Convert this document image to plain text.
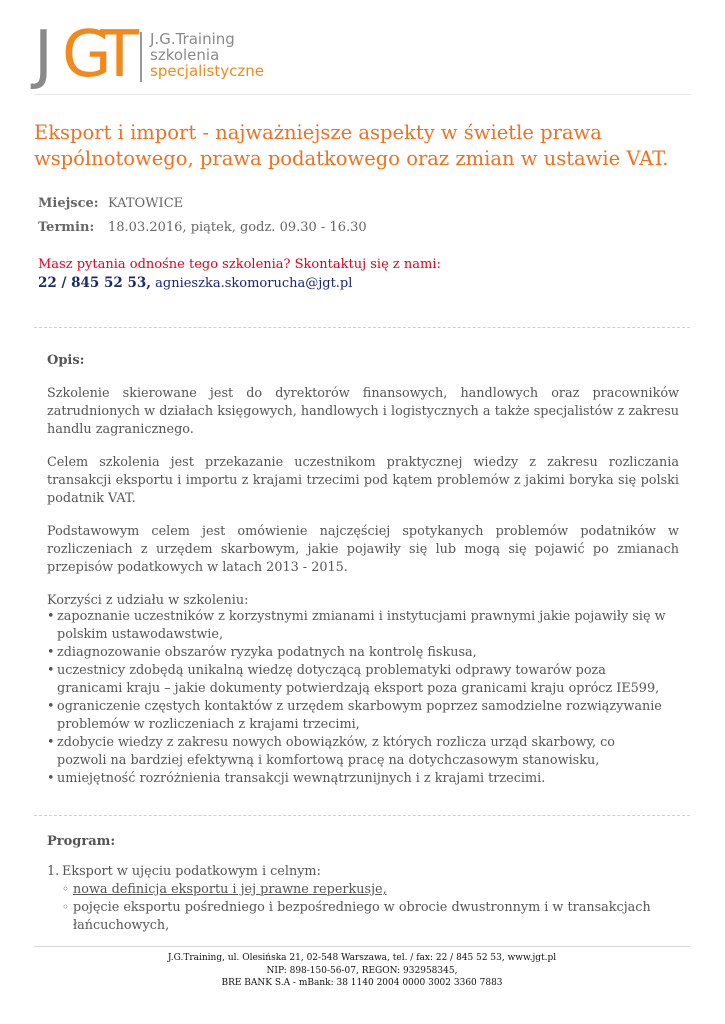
J G
T J.G.Training
szkolenia
specjalistyczne
Eksport i import - najważniejsze aspekty w świetle prawa wspólnotowego, prawa podatkowego oraz zmian w ustawie VAT.
Miejsce: KATOWICE
Termin:	18.03.2016, piątek, godz. 09.30 - 16.30
Masz pytania odnośne tego szkolenia? Skontaktuj się z nami:
22 / 845 52 53, agnieszka.skomorucha@jgt.pl
Opis:

Szkolenie skierowane jest do dyrektorów finansowych, handlowych oraz pracowników zatrudnionych w działach księgowych, handlowych i logistycznych a także specjalistów z zakresu handlu zagranicznego.

Celem szkolenia jest przekazanie uczestnikom praktycznej wiedzy z zakresu rozliczania transakcji eksportu i importu z krajami trzecimi pod kątem problemów z jakimi boryka się polski podatnik VAT.

Podstawowym celem jest omówienie najczęściej spotykanych problemów podatników w rozliczeniach z urzędem skarbowym, jakie pojawiły się lub mogą się pojawić po zmianach przepisów podatkowych w latach 2013 - 2015.

Korzyści z udziału w szkoleniu:

• zapoznanie uczestników z korzystnymi zmianami i instytucjami prawnymi jakie pojawiły się w polskim ustawodawstwie,
• zdiagnozowanie obszarów ryzyka podatnych na kontrolę fiskusa,
• uczestnicy zdobędą unikalną wiedzę dotyczącą problematyki odprawy towarów poza granicami kraju – jakie dokumenty potwierdzają eksport poza granicami kraju oprócz IE599,
• ograniczenie częstych kontaktów z urzędem skarbowym poprzez samodzielne rozwiązywanie problemów w rozliczeniach z krajami trzecimi,
• zdobycie wiedzy z zakresu nowych obowiązków, z których rozlicza urząd skarbowy, co pozwoli na bardziej efektywną i komfortową pracę na dotychczasowym stanowisku,
• umiejętność rozróżnienia transakcji wewnątrzunijnych i z krajami trzecimi.
Program:
1. Eksport w ujęciu podatkowym i celnym:
◦ nowa definicja eksportu i jej prawne reperkusje,
◦ pojęcie eksportu pośredniego i bezpośredniego w obrocie dwustronnym i w transakcjach łańcuchowych,
J.G.Training, ul. Olesińska 21, 02-548 Warszawa, tel. / fax: 22 / 845 52 53, www.jgt.pl
NIP: 898-150-56-07, REGON: 932958345,
BRE BANK S.A - mBank: 38 1140 2004 0000 3002 3360 7883
